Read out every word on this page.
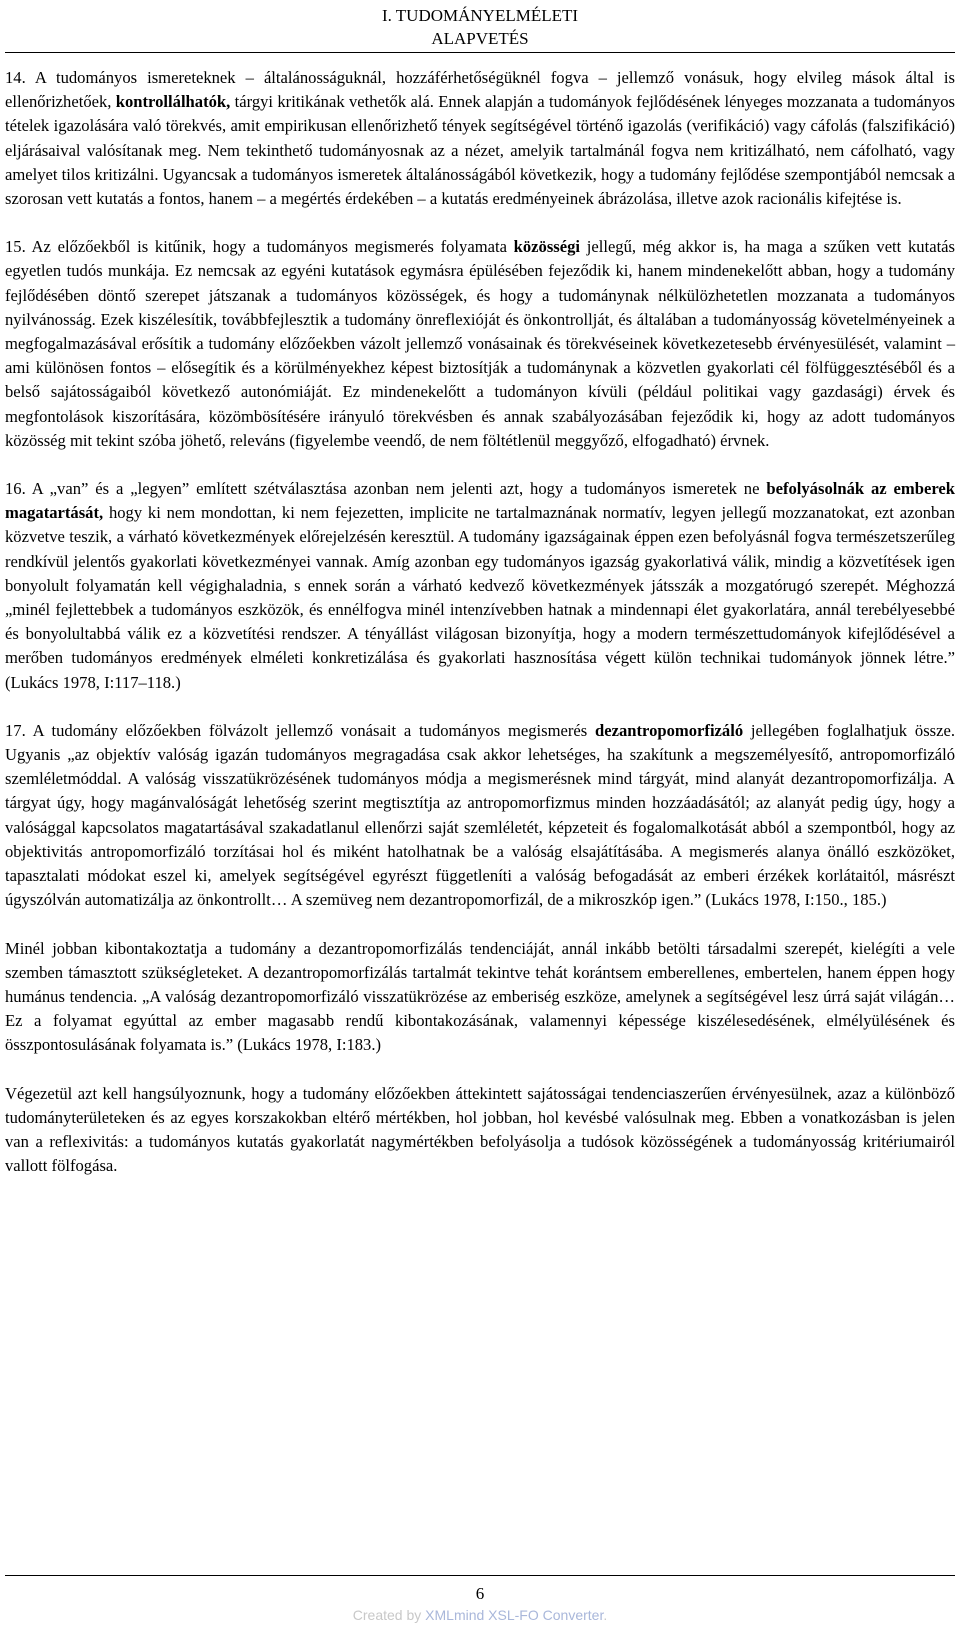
I. TUDOMÁNYELMÉLETI
ALAPVETÉS

14. A tudományos ismereteknek – általánosságuknál, hozzáférhetőségüknél fogva – jellemző vonásuk, hogy elvileg mások által is ellenőrizhetőek, kontrollálhatók, tárgyi kritikának vethetők alá. Ennek alapján a tudományok fejlődésének lényeges mozzanata a tudományos tételek igazolására való törekvés, amit empirikusan ellenőrizhető tények segítségével történő igazolás (verifikáció) vagy cáfolás (falszifikáció) eljárásaival valósítanak meg. Nem tekinthető tudományosnak az a nézet, amelyik tartalmánál fogva nem kritizálható, nem cáfolható, vagy amelyet tilos kritizálni. Ugyancsak a tudományos ismeretek általánosságából következik, hogy a tudomány fejlődése szempontjából nemcsak a szorosan vett kutatás a fontos, hanem – a megértés érdekében – a kutatás eredményeinek ábrázolása, illetve azok racionális kifejtése is.

15. Az előzőekből is kitűnik, hogy a tudományos megismerés folyamata közösségi jellegű, még akkor is, ha maga a szűken vett kutatás egyetlen tudós munkája. Ez nemcsak az egyéni kutatások egymásra épülésében fejeződik ki, hanem mindenekelőtt abban, hogy a tudomány fejlődésében döntő szerepet játszanak a tudományos közösségek, és hogy a tudománynak nélkülözhetetlen mozzanata a tudományos nyilvánosság. Ezek kiszélesítik, továbbfejlesztik a tudomány önreflexióját és önkontrollját, és általában a tudományosság követelményeinek a megfogalmazásával erősítik a tudomány előzőekben vázolt jellemző vonásainak és törekvéseinek következetesebb érvényesülését, valamint – ami különösen fontos – elősegítik és a körülményekhez képest biztosítják a tudománynak a közvetlen gyakorlati cél fölfüggesztéséből és a belső sajátosságaiból következő autonómiáját. Ez mindenekelőtt a tudományon kívüli (például politikai vagy gazdasági) érvek és megfontolások kiszorítására, közömbösítésére irányuló törekvésben és annak szabályozásában fejeződik ki, hogy az adott tudományos közösség mit tekint szóba jöhető, releváns (figyelembe veendő, de nem föltétlenül meggyőző, elfogadható) érvnek.

16. A „van” és a „legyen” említett szétválasztása azonban nem jelenti azt, hogy a tudományos ismeretek ne befolyásolnák az emberek magatartását, hogy ki nem mondottan, ki nem fejezetten, implicite ne tartalmaznának normatív, legyen jellegű mozzanatokat, ezt azonban közvetve teszik, a várható következmények előrejelzésén keresztül. A tudomány igazságainak éppen ezen befolyásnál fogva természetszerűleg rendkívül jelentős gyakorlati következményei vannak. Amíg azonban egy tudományos igazság gyakorlativá válik, mindig a közvetítések igen bonyolult folyamatán kell végighaladnia, s ennek során a várható kedvező következmények játsszák a mozgatórugó szerepét. Méghozzá „minél fejlettebbek a tudományos eszközök, és ennélfogva minél intenzívebben hatnak a mindennapi élet gyakorlatára, annál terebélyesebbé és bonyolultabbá válik ez a közvetítési rendszer. A tényállást világosan bizonyítja, hogy a modern természettudományok kifejlődésével a merőben tudományos eredmények elméleti konkretizálása és gyakorlati hasznosítása végett külön technikai tudományok jönnek létre.” (Lukács 1978, I:117–118.)

17. A tudomány előzőekben fölvázolt jellemző vonásait a tudományos megismerés dezantropomorfizáló jellegében foglalhatjuk össze. Ugyanis „az objektív valóság igazán tudományos megragadása csak akkor lehetséges, ha szakítunk a megszemélyesítő, antropomorfizáló szemléletmóddal. A valóság visszatükrözésének tudományos módja a megismerésnek mind tárgyát, mind alanyát dezantropomorfizálja. A tárgyat úgy, hogy magánvalóságát lehetőség szerint megtisztítja az antropomorfizmus minden hozzáadásától; az alanyát pedig úgy, hogy a valósággal kapcsolatos magatartásával szakadatlanul ellenőrzi saját szemléletét, képzeteit és fogalomalkotását abból a szempontból, hogy az objektivitás antropomorfizáló torzításai hol és miként hatolhatnak be a valóság elsajátításába. A megismerés alanya önálló eszközöket, tapasztalati módokat eszel ki, amelyek segítségével egyrészt függetleníti a valóság befogadását az emberi érzékek korlátaitól, másrészt úgyszólván automatizálja az önkontrollt… A szemüveg nem dezantropomorfizál, de a mikroszkóp igen.” (Lukács 1978, I:150., 185.)

Minél jobban kibontakoztatja a tudomány a dezantropomorfizálás tendenciáját, annál inkább betölti társadalmi szerepét, kielégíti a vele szemben támasztott szükségleteket. A dezantropomorfizálás tartalmát tekintve tehát korántsem emberellenes, embertelen, hanem éppen hogy humánus tendencia. „A valóság dezantropomorfizáló visszatükrözése az emberiség eszköze, amelynek a segítségével lesz úrrá saját világán… Ez a folyamat egyúttal az ember magasabb rendű kibontakozásának, valamennyi képessége kiszélesedésének, elmélyülésének és összpontosulásának folyamata is.” (Lukács 1978, I:183.)

Végezetül azt kell hangsúlyoznunk, hogy a tudomány előzőekben áttekintett sajátosságai tendenciaszerűen érvényesülnek, azaz a különböző tudományterületeken és az egyes korszakokban eltérő mértékben, hol jobban, hol kevésbé valósulnak meg. Ebben a vonatkozásban is jelen van a reflexivitás: a tudományos kutatás gyakorlatát nagymértékben befolyásolja a tudósok közösségének a tudományosság kritériumairól vallott fölfogása.

6
Created by XMLmind XSL-FO Converter.
